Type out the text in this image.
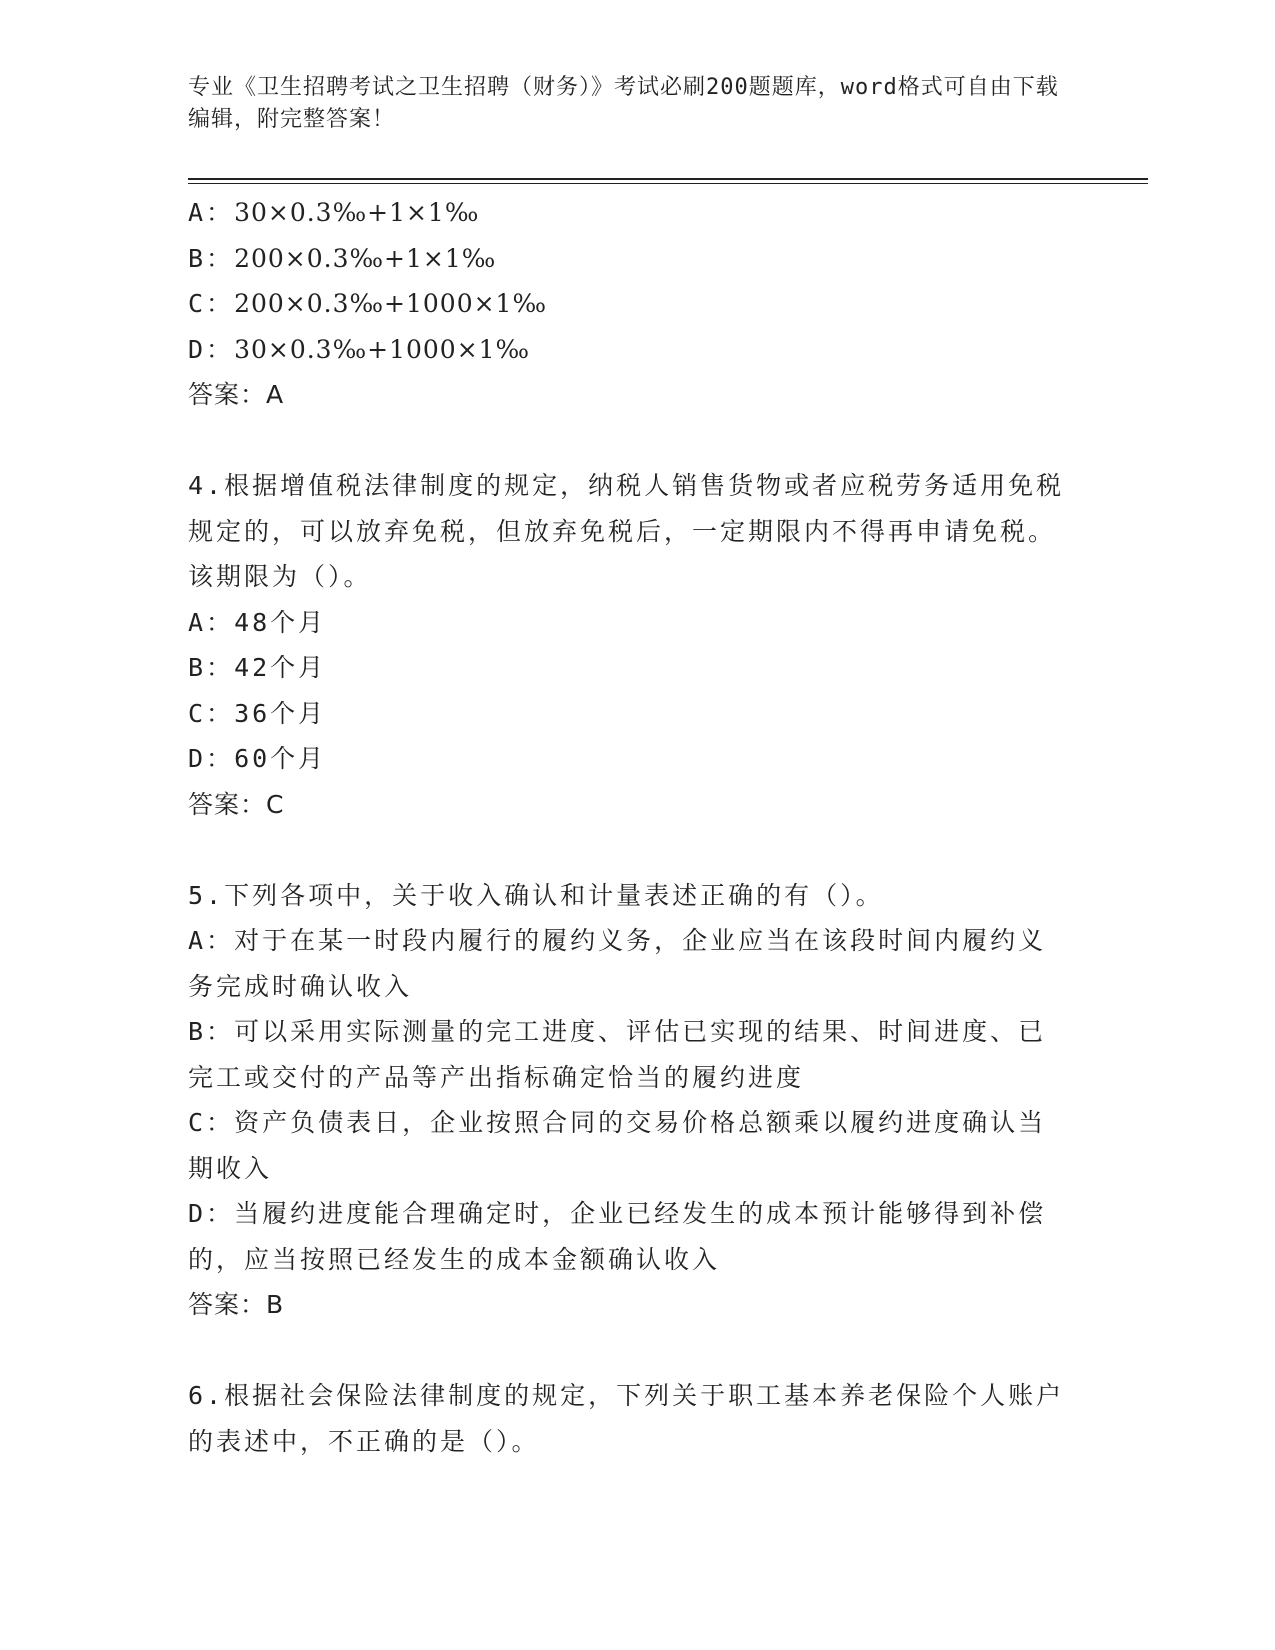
专业《卫生招聘考试之卫生招聘（财务）》考试必刷200题题库，word格式可自由下载编辑，附完整答案！
A：30×0.3‰+1×1‰
B：200×0.3‰+1×1‰
C：200×0.3‰+1000×1‰
D：30×0.3‰+1000×1‰
答案：A
4.根据增值税法律制度的规定，纳税人销售货物或者应税劳务适用免税规定的，可以放弃免税，但放弃免税后，一定期限内不得再申请免税。该期限为（）。
A：48个月
B：42个月
C：36个月
D：60个月
答案：C
5.下列各项中，关于收入确认和计量表述正确的有（）。
A：对于在某一时段内履行的履约义务，企业应当在该段时间内履约义务完成时确认收入
B：可以采用实际测量的完工进度、评估已实现的结果、时间进度、已完工或交付的产品等产出指标确定恰当的履约进度
C：资产负债表日，企业按照合同的交易价格总额乘以履约进度确认当期收入
D：当履约进度能合理确定时，企业已经发生的成本预计能够得到补偿的，应当按照已经发生的成本金额确认收入
答案：B
6.根据社会保险法律制度的规定，下列关于职工基本养老保险个人账户的表述中，不正确的是（）。
